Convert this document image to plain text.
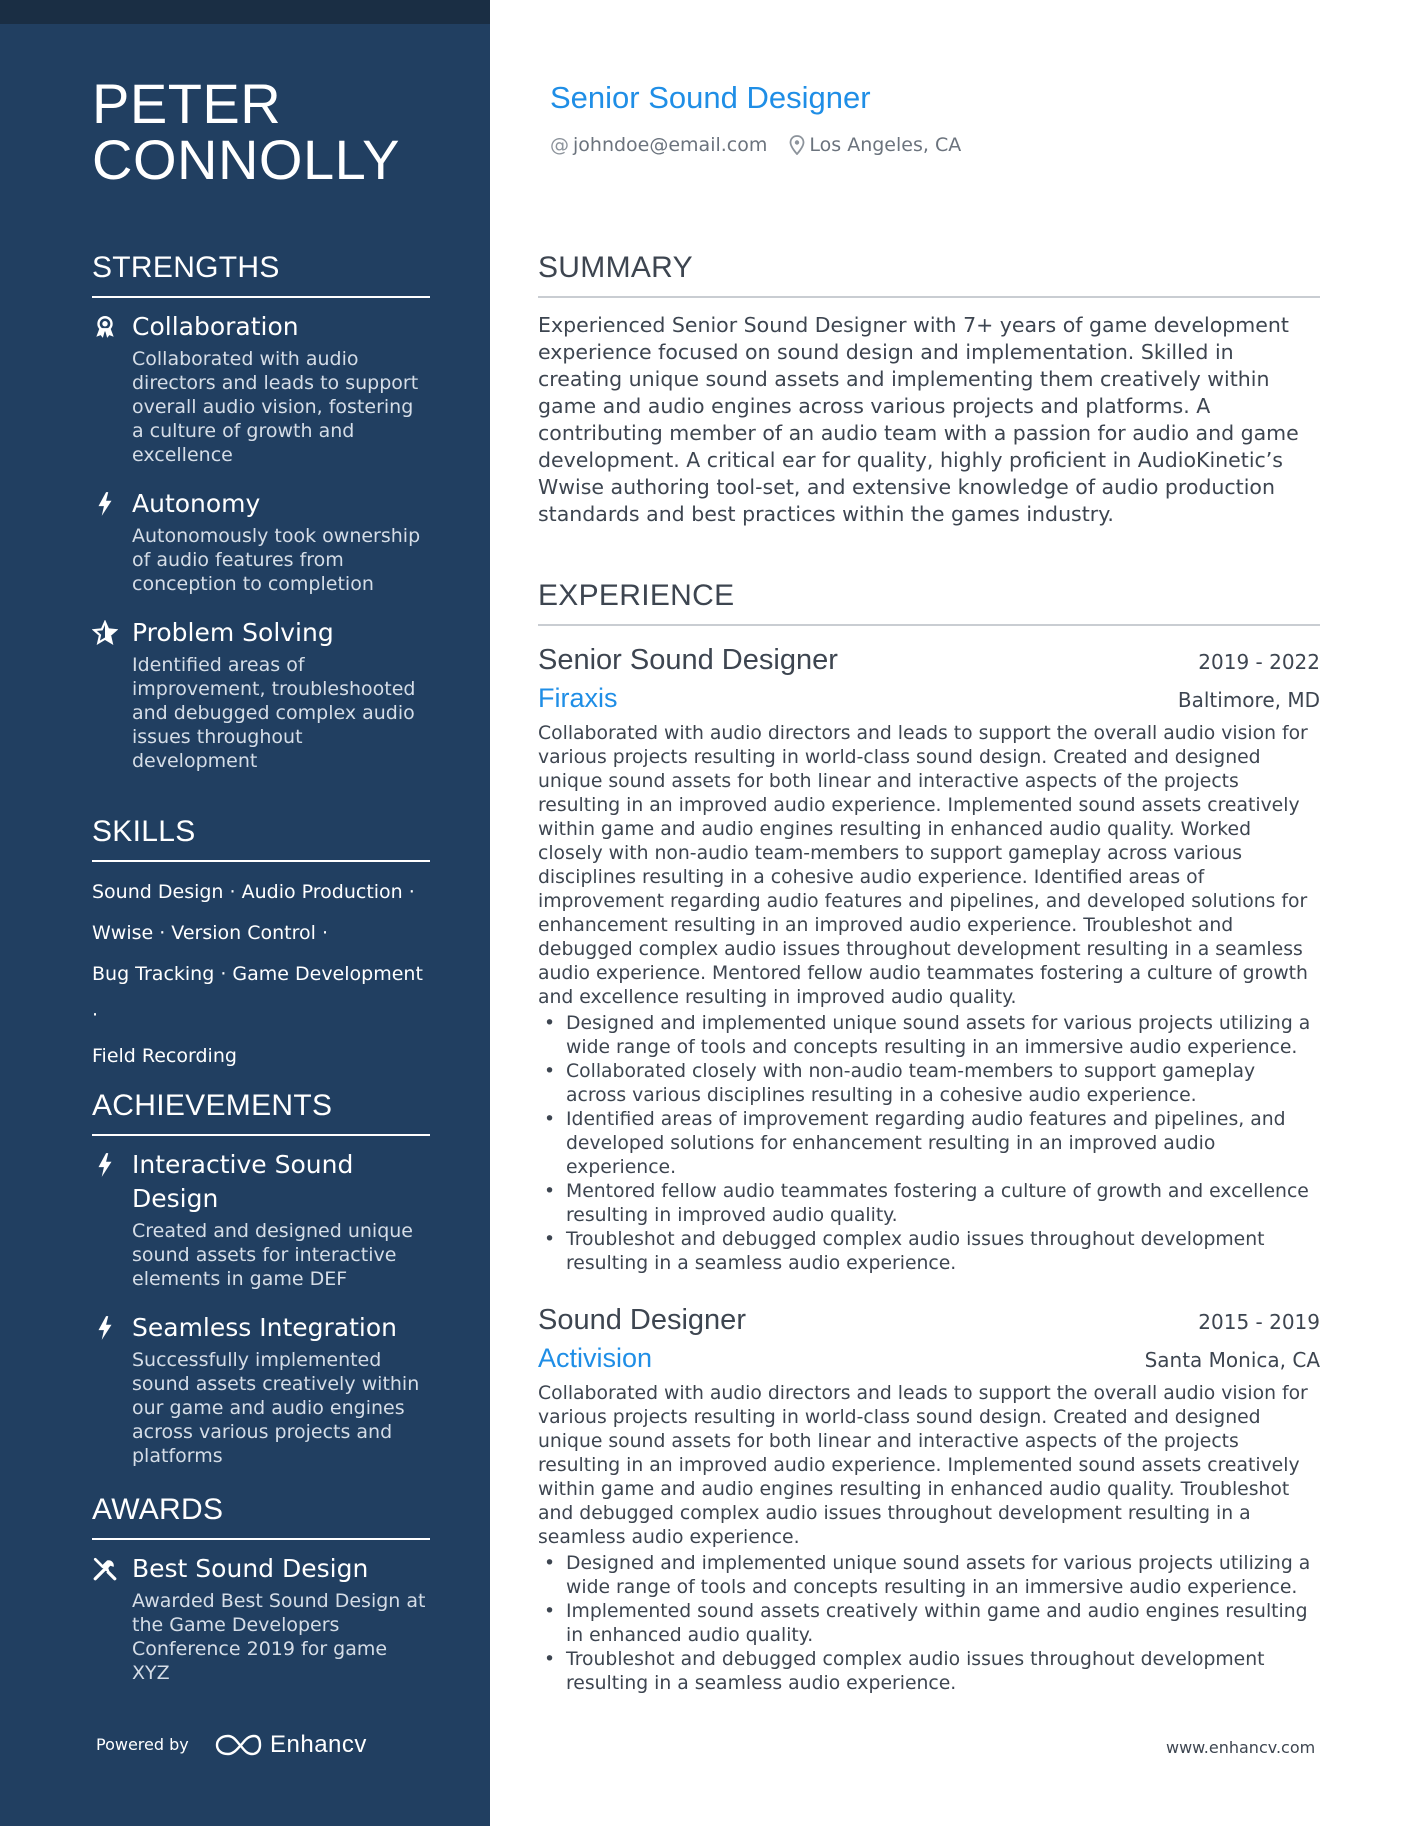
PETER
CONNOLLY
STRENGTHS
Collaboration
Collaborated with audio directors and leads to support overall audio vision, fostering a culture of growth and excellence
Autonomy
Autonomously took ownership of audio features from conception to completion
Problem Solving
Identified areas of improvement, troubleshooted and debugged complex audio issues throughout development
SKILLS
Sound Design · Audio Production ·
Wwise · Version Control ·
Bug Tracking · Game Development ·
Field Recording
ACHIEVEMENTS
Interactive Sound Design
Created and designed unique sound assets for interactive elements in game DEF
Seamless Integration
Successfully implemented sound assets creatively within our game and audio engines across various projects and platforms
AWARDS
Best Sound Design
Awarded Best Sound Design at the Game Developers Conference 2019 for game XYZ
Powered by	Enhancv
Senior Sound Designer
@ johndoe@email.com Los Angeles, CA
SUMMARY
Experienced Senior Sound Designer with 7+ years of game development experience focused on sound design and implementation. Skilled in creating unique sound assets and implementing them creatively within game and audio engines across various projects and platforms. A contributing member of an audio team with a passion for audio and game development. A critical ear for quality, highly proficient in AudioKinetic’s Wwise authoring tool-set, and extensive knowledge of audio production standards and best practices within the games industry.
EXPERIENCE
Senior Sound Designer	2019 - 2022
Firaxis	Baltimore, MD
Collaborated with audio directors and leads to support the overall audio vision for various projects resulting in world-class sound design. Created and designed unique sound assets for both linear and interactive aspects of the projects resulting in an improved audio experience. Implemented sound assets creatively within game and audio engines resulting in enhanced audio quality. Worked closely with non-audio team-members to support gameplay across various disciplines resulting in a cohesive audio experience. Identified areas of improvement regarding audio features and pipelines, and developed solutions for enhancement resulting in an improved audio experience. Troubleshot and debugged complex audio issues throughout development resulting in a seamless audio experience. Mentored fellow audio teammates fostering a culture of growth and excellence resulting in improved audio quality.
• Designed and implemented unique sound assets for various projects utilizing a wide range of tools and concepts resulting in an immersive audio experience.
• Collaborated closely with non-audio team-members to support gameplay across various disciplines resulting in a cohesive audio experience.
• Identified areas of improvement regarding audio features and pipelines, and developed solutions for enhancement resulting in an improved audio experience.
• Mentored fellow audio teammates fostering a culture of growth and excellence resulting in improved audio quality.
• Troubleshot and debugged complex audio issues throughout development resulting in a seamless audio experience.
Sound Designer	2015 - 2019
Activision	Santa Monica, CA
Collaborated with audio directors and leads to support the overall audio vision for various projects resulting in world-class sound design. Created and designed unique sound assets for both linear and interactive aspects of the projects resulting in an improved audio experience. Implemented sound assets creatively within game and audio engines resulting in enhanced audio quality. Troubleshot and debugged complex audio issues throughout development resulting in a seamless audio experience.
• Designed and implemented unique sound assets for various projects utilizing a wide range of tools and concepts resulting in an immersive audio experience.
• Implemented sound assets creatively within game and audio engines resulting in enhanced audio quality.
• Troubleshot and debugged complex audio issues throughout development resulting in a seamless audio experience.
www.enhancv.com
